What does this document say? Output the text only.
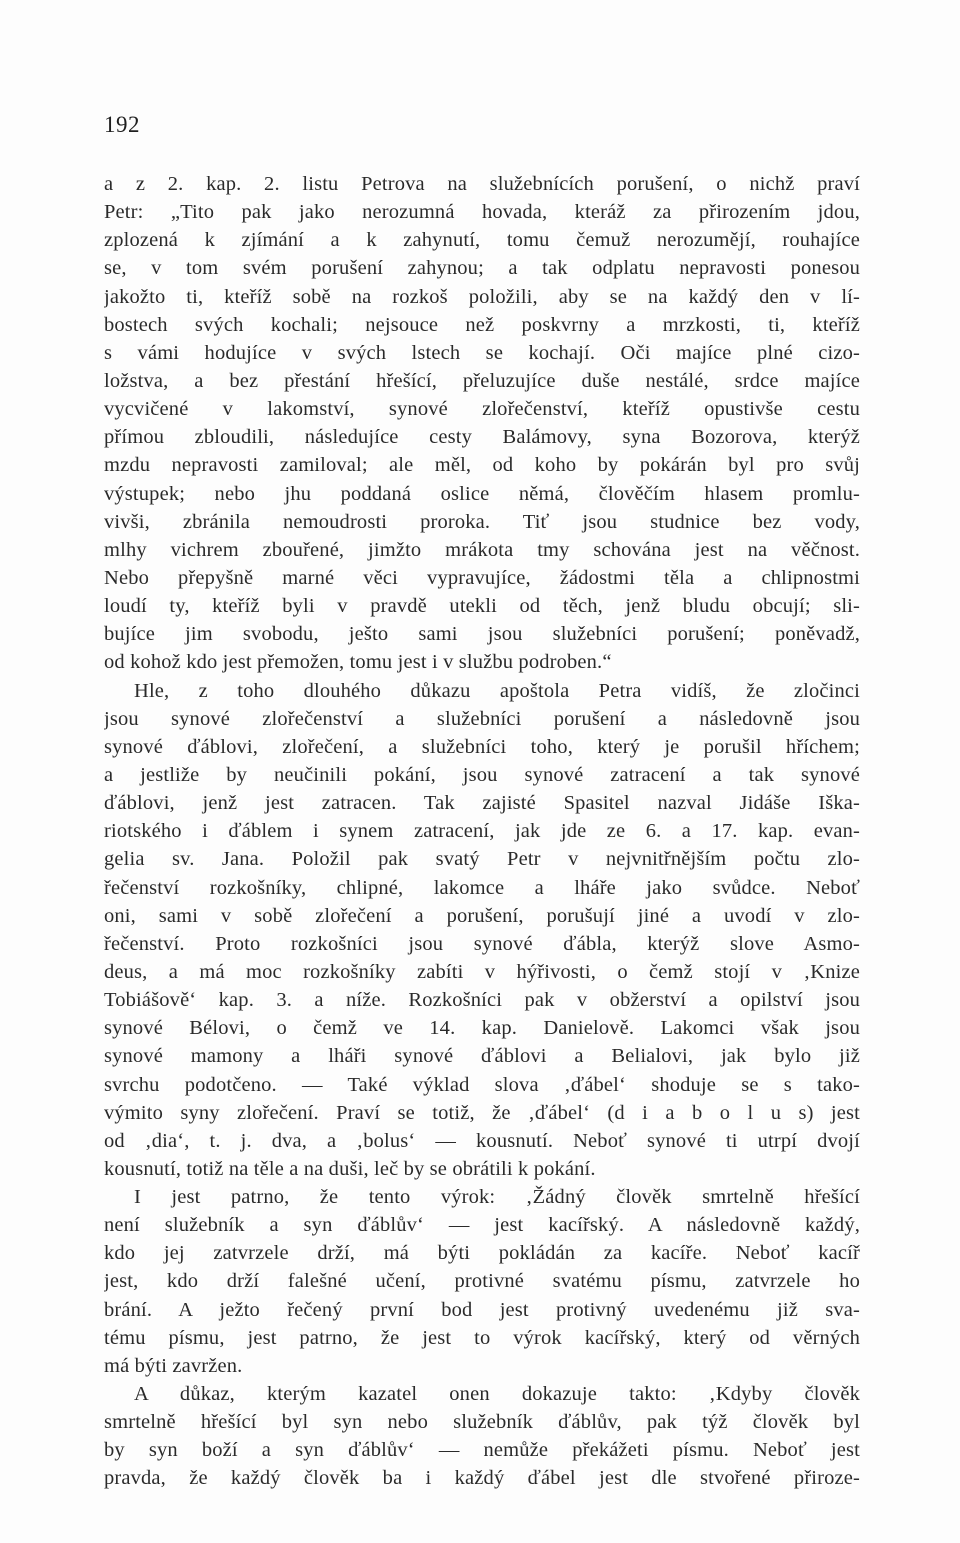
192
a z 2. kap. 2. listu Petrova na služebnících porušení, o nichž praví
Petr: „Tito pak jako nerozumná hovada, kteráž za přirozením jdou,
zplozená k zjímání a k zahynutí, tomu čemuž nerozumějí, rouhajíce
se, v tom svém porušení zahynou; a tak odplatu nepravosti ponesou
jakožto ti, kteříž sobě na rozkoš položili, aby se na každý den v lí-
bostech svých kochali; nejsouce než poskvrny a mrzkosti, ti, kteříž
s vámi hodujíce v svých lstech se kochají. Oči majíce plné cizo-
ložstva, a bez přestání hřešící, přeluzujíce duše nestálé, srdce majíce
vycvičené v lakomství, synové zlořečenství, kteříž opustivše cestu
přímou zbloudili, následujíce cesty Balámovy, syna Bozorova, kterýž
mzdu nepravosti zamiloval; ale měl, od koho by pokárán byl pro svůj
výstupek; nebo jhu poddaná oslice němá, člověčím hlasem promlu-
vivši, zbránila nemoudrosti proroka. Tiť jsou studnice bez vody,
mlhy vichrem zbouřené, jimžto mrákota tmy schována jest na věčnost.
Nebo přepyšně marné věci vypravujíce, žádostmi těla a chlipnostmi
loudí ty, kteříž byli v pravdě utekli od těch, jenž bludu obcují; sli-
bujíce jim svobodu, ješto sami jsou služebníci porušení; poněvadž,
od kohož kdo jest přemožen, tomu jest i v službu podroben.“
Hle, z toho dlouhého důkazu apoštola Petra vidíš, že zločinci
jsou synové zlořečenství a služebníci porušení a následovně jsou
synové ďáblovi, zlořečení, a služebníci toho, který je porušil hříchem;
a jestliže by neučinili pokání, jsou synové zatracení a tak synové
ďáblovi, jenž jest zatracen. Tak zajisté Spasitel nazval Jidáše Iška-
riotského i ďáblem i synem zatracení, jak jde ze 6. a 17. kap. evan-
gelia sv. Jana. Položil pak svatý Petr v nejvnitřnějším počtu zlo-
řečenství rozkošníky, chlipné, lakomce a lháře jako svůdce. Neboť
oni, sami v sobě zlořečení a porušení, porušují jiné a uvodí v zlo-
řečenství. Proto rozkošníci jsou synové ďábla, kterýž slove Asmo-
deus, a má moc rozkošníky zabíti v hýřivosti, o čemž stojí v ‚Knize
Tobiášově‘ kap. 3. a níže. Rozkošníci pak v obžerství a opilství jsou
synové Bélovi, o čemž ve 14. kap. Danielově. Lakomci však jsou
synové mamony a lháři synové ďáblovi a Belialovi, jak bylo již
svrchu podotčeno. — Také výklad slova ‚ďábel‘ shoduje se s tako-
výmito syny zlořečení. Praví se totiž, že ‚ďábel‘ (d i a b o l u s) jest
od ‚dia‘, t. j. dva, a ‚bolus‘ — kousnutí. Neboť synové ti utrpí dvojí
kousnutí, totiž na těle a na duši, leč by se obrátili k pokání.
I jest patrno, že tento výrok: ‚Žádný člověk smrtelně hřešící
není služebník a syn ďáblův‘ — jest kacířský. A následovně každý,
kdo jej zatvrzele drží, má býti pokládán za kacíře. Neboť kacíř
jest, kdo drží falešné učení, protivné svatému písmu, zatvrzele ho
brání. A ježto řečený první bod jest protivný uvedenému již sva-
tému písmu, jest patrno, že jest to výrok kacířský, který od věrných
má býti zavržen.
A důkaz, kterým kazatel onen dokazuje takto: ‚Kdyby člověk
smrtelně hřešící byl syn nebo služebník ďáblův, pak týž člověk byl
by syn boží a syn ďáblův‘ — nemůže překážeti písmu. Neboť jest
pravda, že každý člověk ba i každý ďábel jest dle stvořené přiroze-
